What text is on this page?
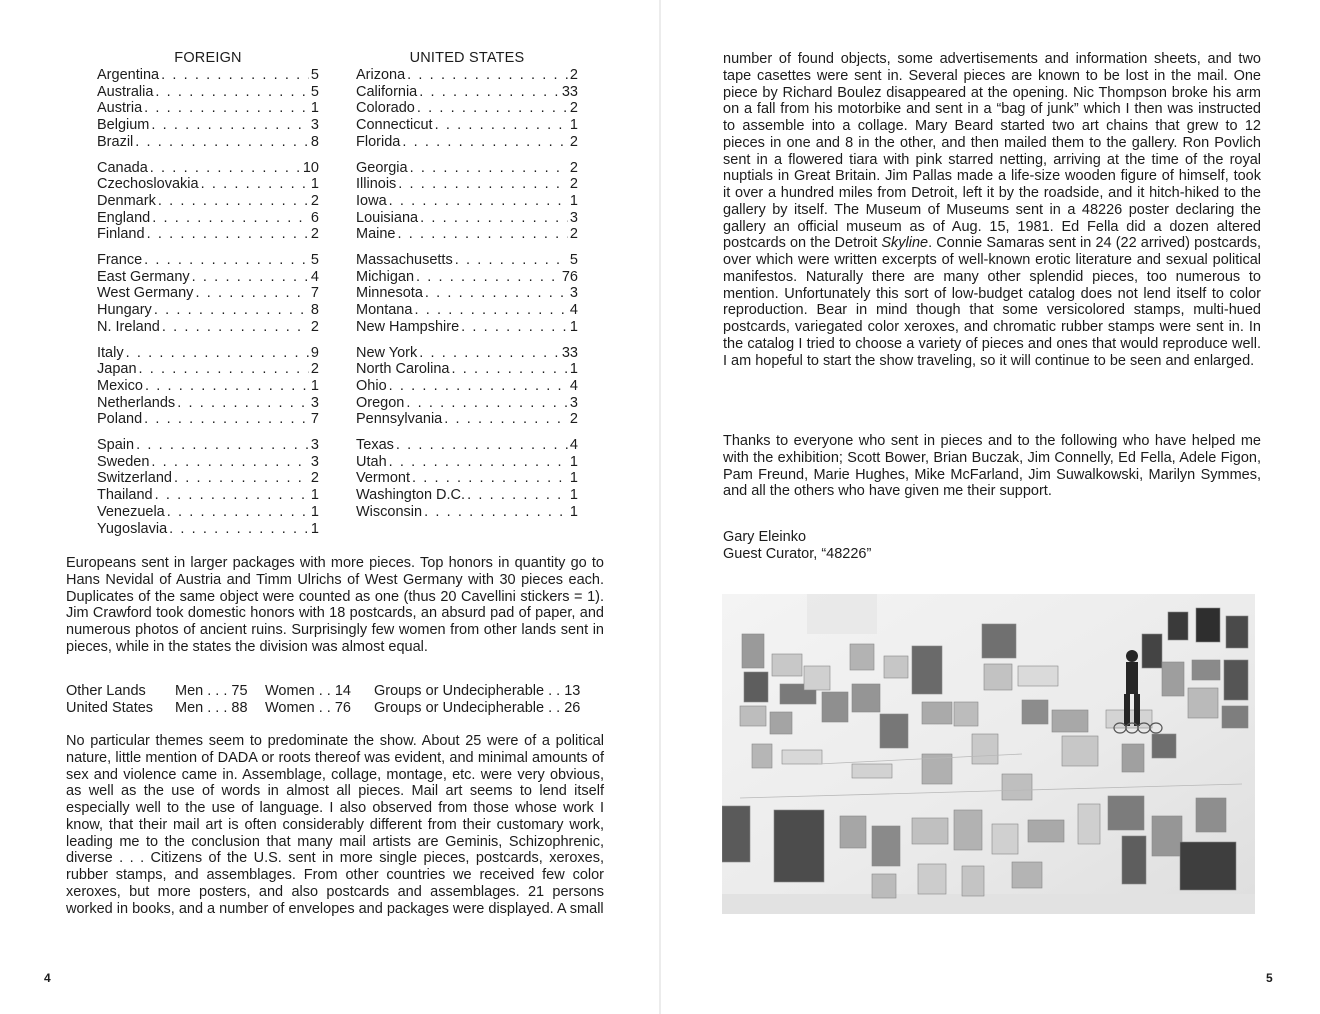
FOREIGN
Argentina . . .	5
Australia . . .	5
Austria . . .	1
Belgium . . .	3
Brazil . . .	8
Canada . . .	10
Czechoslovakia . . .	1
Denmark . . .	2
England . . .	6
Finland . . .	2
France . . .	5
East Germany . . .	4
West Germany . . .	7
Hungary . . .	8
N. Ireland . . .	2
Italy . . .	9
Japan . . .	2
Mexico . . .	1
Netherlands . . .	3
Poland . . .	7
Spain . . .	3
Sweden . . .	3
Switzerland . . .	2
Thailand . . .	1
Venezuela . . .	1
Yugoslavia . . .	1
UNITED STATES
Arizona . . .	2
California . . .	33
Colorado . . .	2
Connecticut . . .	1
Florida . . .	2
Georgia . . .	2
Illinois . . .	2
Iowa . . .	1
Louisiana . . .	3
Maine . . .	2
Massachusetts . . .	5
Michigan . . .	76
Minnesota . . .	3
Montana . . .	4
New Hampshire . . .	1
New York . . .	33
North Carolina . . .	1
Ohio . . .	4
Oregon . . .	3
Pennsylvania . . .	2
Texas . . .	4
Utah . . .	1
Vermont . . .	1
Washington D.C. . . .	1
Wisconsin . . .	1
Europeans sent in larger packages with more pieces. Top honors in quantity go to Hans Nevidal of Austria and Timm Ulrichs of West Germany with 30 pieces each. Duplicates of the same object were counted as one (thus 20 Cavellini stickers = 1). Jim Crawford took domestic honors with 18 postcards, an absurd pad of paper, and numerous photos of ancient ruins. Surprisingly few women from other lands sent in pieces, while in the states the division was almost equal.
Other Lands Men . . . 75 Women . . 14 Groups or Undecipherable . . 13
United States Men . . . 88 Women . . 76 Groups or Undecipherable . . 26
No particular themes seem to predominate the show. About 25 were of a political nature, little mention of DADA or roots thereof was evident, and minimal amounts of sex and violence came in. Assemblage, collage, montage, etc. were very obvious, as well as the use of words in almost all pieces. Mail art seems to lend itself especially well to the use of language. I also observed from those whose work I know, that their mail art is often considerably different from their customary work, leading me to the conclusion that many mail artists are Geminis, Schizophrenic, diverse . . . Citizens of the U.S. sent in more single pieces, postcards, xeroxes, rubber stamps, and assemblages. From other countries we received few color xeroxes, but more posters, and also postcards and assemblages. 21 persons worked in books, and a number of envelopes and packages were displayed. A small
4
number of found objects, some advertisements and information sheets, and two tape casettes were sent in. Several pieces are known to be lost in the mail. One piece by Richard Boulez disappeared at the opening. Nic Thompson broke his arm on a fall from his motorbike and sent in a “bag of junk” which I then was instructed to assemble into a collage. Mary Beard started two art chains that grew to 12 pieces in one and 8 in the other, and then mailed them to the gallery. Ron Povlich sent in a flowered tiara with pink starred netting, arriving at the time of the royal nuptials in Great Britain. Jim Pallas made a life-size wooden figure of himself, took it over a hundred miles from Detroit, left it by the roadside, and it hitch-hiked to the gallery by itself. The Museum of Museums sent in a 48226 poster declaring the gallery an official museum as of Aug. 15, 1981. Ed Fella did a dozen altered postcards on the Detroit Skyline. Connie Samaras sent in 24 (22 arrived) postcards, over which were written excerpts of well-known erotic literature and sexual political manifestos. Naturally there are many other splendid pieces, too numerous to mention. Unfortunately this sort of low-budget catalog does not lend itself to color reproduction. Bear in mind though that some versicolored stamps, multi-hued postcards, variegated color xeroxes, and chromatic rubber stamps were sent in. In the catalog I tried to choose a variety of pieces and ones that would reproduce well. I am hopeful to start the show traveling, so it will continue to be seen and enlarged.
Thanks to everyone who sent in pieces and to the following who have helped me with the exhibition; Scott Bower, Brian Buczak, Jim Connelly, Ed Fella, Adele Figon, Pam Freund, Marie Hughes, Mike McFarland, Jim Suwalkowski, Marilyn Symmes, and all the others who have given me their support.
Gary Eleinko
Guest Curator, “48226”
5
